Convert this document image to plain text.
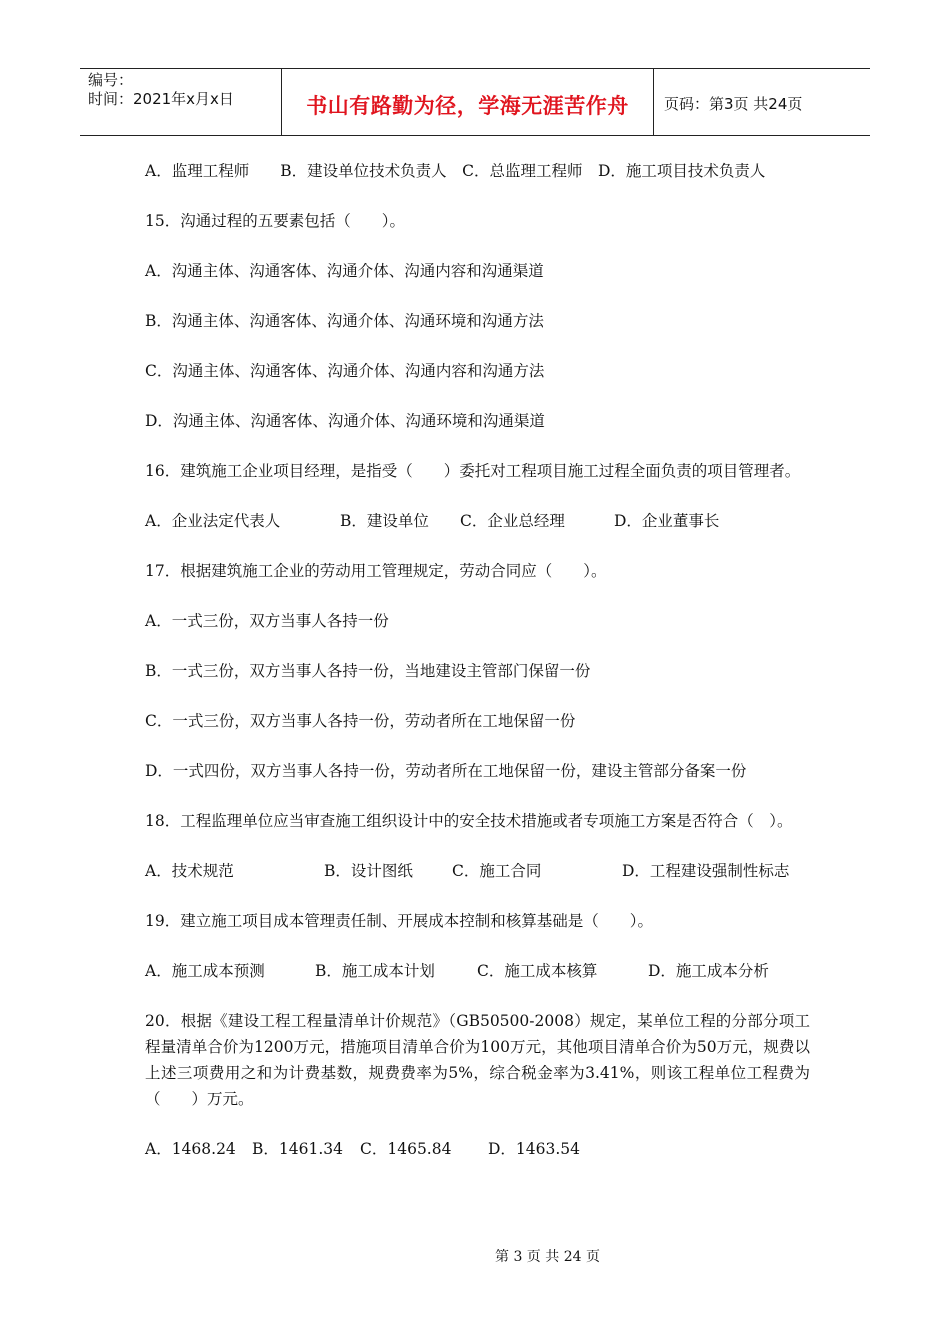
编号：
时间：2021年x月x日	书山有路勤为径，学海无涯苦作舟	页码：第3页 共24页
A．监理工程师　　B．建设单位技术负责人　C．总监理工程师　D．施工项目技术负责人
15．沟通过程的五要素包括（　　）。
A．沟通主体、沟通客体、沟通介体、沟通内容和沟通渠道
B．沟通主体、沟通客体、沟通介体、沟通环境和沟通方法
C．沟通主体、沟通客体、沟通介体、沟通内容和沟通方法
D．沟通主体、沟通客体、沟通介体、沟通环境和沟通渠道
16．建筑施工企业项目经理，是指受（　　）委托对工程项目施工过程全面负责的项目管理者。
A．企业法定代表人	B．建设单位 C．企业总经理	D．企业董事长
17．根据建筑施工企业的劳动用工管理规定，劳动合同应（　　）。
A．一式三份，双方当事人各持一份
B．一式三份，双方当事人各持一份，当地建设主管部门保留一份
C．一式三份，双方当事人各持一份，劳动者所在工地保留一份
D．一式四份，双方当事人各持一份，劳动者所在工地保留一份，建设主管部分备案一份
18．工程监理单位应当审查施工组织设计中的安全技术措施或者专项施工方案是否符合（　）。
A．技术规范	B．设计图纸	C．施工合同	D．工程建设强制性标志
19．建立施工项目成本管理责任制、开展成本控制和核算基础是（　　）。
A．施工成本预测	B．施工成本计划	C．施工成本核算	D．施工成本分析
20．根据《建设工程工程量清单计价规范》（GB50500-2008）规定，某单位工程的分部分项工程量清单合价为1200万元，措施项目清单合价为100万元，其他项目清单合价为50万元，规费以上述三项费用之和为计费基数，规费费率为5%，综合税金率为3.41%，则该工程单位工程费为（　　）万元。
A．1468.24 B．1461.34 C．1465.84 D．1463.54
第 3 页 共 24 页
